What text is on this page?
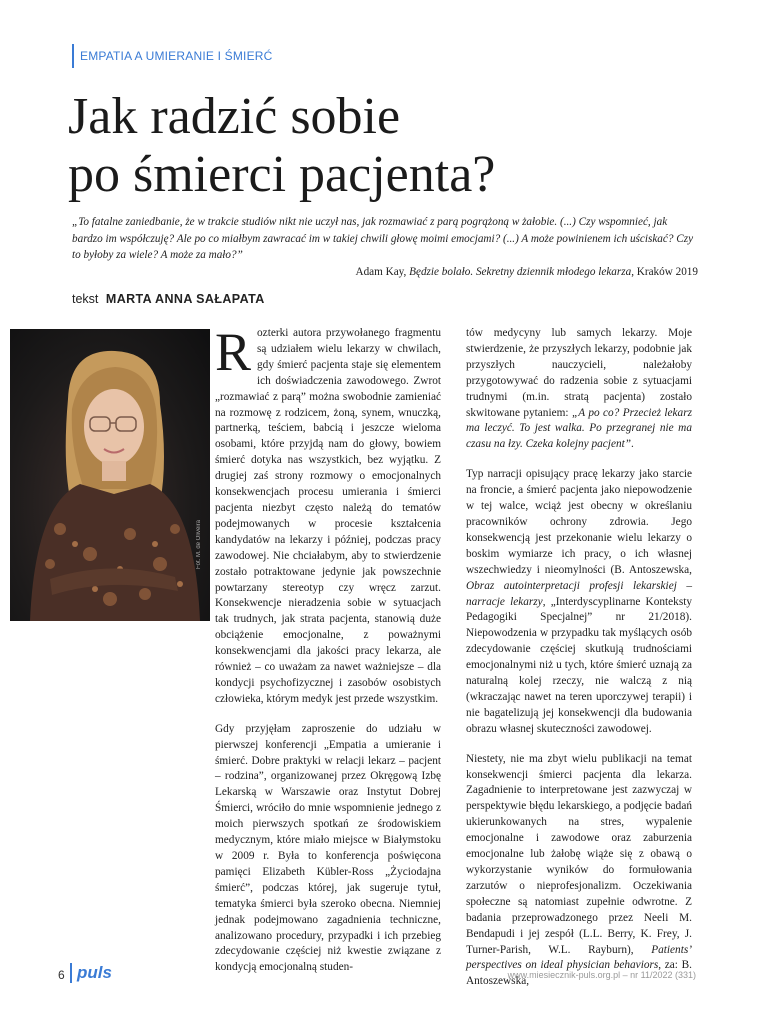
EMPATIA A UMIERANIE I ŚMIERĆ
Jak radzić sobie
po śmierci pacjenta?
„To fatalne zaniedbanie, że w trakcie studiów nikt nie uczył nas, jak rozmawiać z parą pogrążoną w żałobie. (...) Czy wspomnieć, jak bardzo im współczuję? Ale po co miałbym zawracać im w takiej chwili głowę moimi emocjami? (...) A może powinienem ich uściskać? Czy to byłoby za wiele? A może za mało?”
Adam Kay, Będzie bolało. Sekretny dziennik młodego lekarza, Kraków 2019
tekst MARTA ANNA SAŁAPATA
Fot. M. de Oliveira

Rozterki autora przywołanego fragmentu są udziałem wielu lekarzy w chwilach, gdy śmierć pacjenta staje się elementem ich doświadczenia zawodowego. Zwrot „rozmawiać z parą” można swobodnie zamieniać na rozmowę z rodzicem, żoną, synem, wnuczką, partnerką, teściem, babcią i jeszcze wieloma osobami, które przyjdą nam do głowy, bowiem śmierć dotyka nas wszystkich, bez wyjątku. Z drugiej zaś strony rozmowy o emocjonalnych konsekwencjach procesu umierania i śmierci pacjenta niezbyt często należą do tematów podejmowanych w procesie kształcenia kandydatów na lekarzy i później, podczas pracy zawodowej. Nie chciałabym, aby to stwierdzenie zostało potraktowane jedynie jak powszechnie powtarzany stereotyp czy wręcz zarzut. Konsekwencje nieradzenia sobie w sytuacjach tak trudnych, jak strata pacjenta, stanowią duże obciążenie emocjonalne, z poważnymi konsekwencjami dla jakości pracy lekarza, ale również – co uważam za nawet ważniejsze – dla kondycji psychofizycznej i zasobów osobistych człowieka, którym medyk jest przede wszystkim.

Gdy przyjęłam zaproszenie do udziału w pierwszej konferencji „Empatia a umieranie i śmierć. Dobre praktyki w relacji lekarz – pacjent – rodzina”, organizowanej przez Okręgową Izbę Lekarską w Warszawie oraz Instytut Dobrej Śmierci, wróciło do mnie wspomnienie jednego z moich pierwszych spotkań ze środowiskiem medycznym, które miało miejsce w Białymstoku w 2009 r. Była to konferencja poświęcona pamięci Elizabeth Kübler-Ross „Życiodajna śmierć”, podczas której, jak sugeruje tytuł, tematyka śmierci była szeroko obecna. Niemniej jednak podejmowano zagadnienia techniczne, analizowano procedury, przypadki i ich przebieg zdecydowanie częściej niż kwestie związane z kondycją emocjonalną studen-

tów medycyny lub samych lekarzy. Moje stwierdzenie, że przyszłych lekarzy, podobnie jak przyszłych nauczycieli, należałoby przygotowywać do radzenia sobie z sytuacjami trudnymi (m.in. stratą pacjenta) zostało skwitowane pytaniem: „A po co? Przecież lekarz ma leczyć. To jest walka. Po przegranej nie ma czasu na łzy. Czeka kolejny pacjent”.

Typ narracji opisujący pracę lekarzy jako starcie na froncie, a śmierć pacjenta jako niepowodzenie w tej walce, wciąż jest obecny w określaniu pracowników ochrony zdrowia. Jego konsekwencją jest przekonanie wielu lekarzy o boskim wymiarze ich pracy, o ich własnej wszechwiedzy i nieomylności (B. Antoszewska, Obraz autointerpretacji profesji lekarskiej – narracje lekarzy, „Interdyscyplinarne Konteksty Pedagogiki Specjalnej” nr 21/2018). Niepowodzenia w przypadku tak myślących osób zdecydowanie częściej skutkują trudnościami emocjonalnymi niż u tych, które śmierć uznają za naturalną kolej rzeczy, nie walczą z nią (wkraczając nawet na teren uporczywej terapii) i nie bagatelizują jej konsekwencji dla budowania obrazu własnej skuteczności zawodowej.

Niestety, nie ma zbyt wielu publikacji na temat konsekwencji śmierci pacjenta dla lekarza. Zagadnienie to interpretowane jest zazwyczaj w perspektywie błędu lekarskiego, a podjęcie badań ukierunkowanych na stres, wypalenie emocjonalne i zawodowe oraz zaburzenia emocjonalne lub żałobę wiąże się z obawą o wykorzystanie wyników do formułowania zarzutów o nieprofesjonalizm. Oczekiwania społeczne są natomiast zupełnie odwrotne. Z badania przeprowadzonego przez Neeli M. Bendapudi i jej zespół (L.L. Berry, K. Frey, J. Turner-Parish, W.L. Rayburn), Patients’ perspectives on ideal physician behaviors, za: B. Antoszewska,

6 puls	www.miesiecznik-puls.org.pl – nr 11/2022 (331)
